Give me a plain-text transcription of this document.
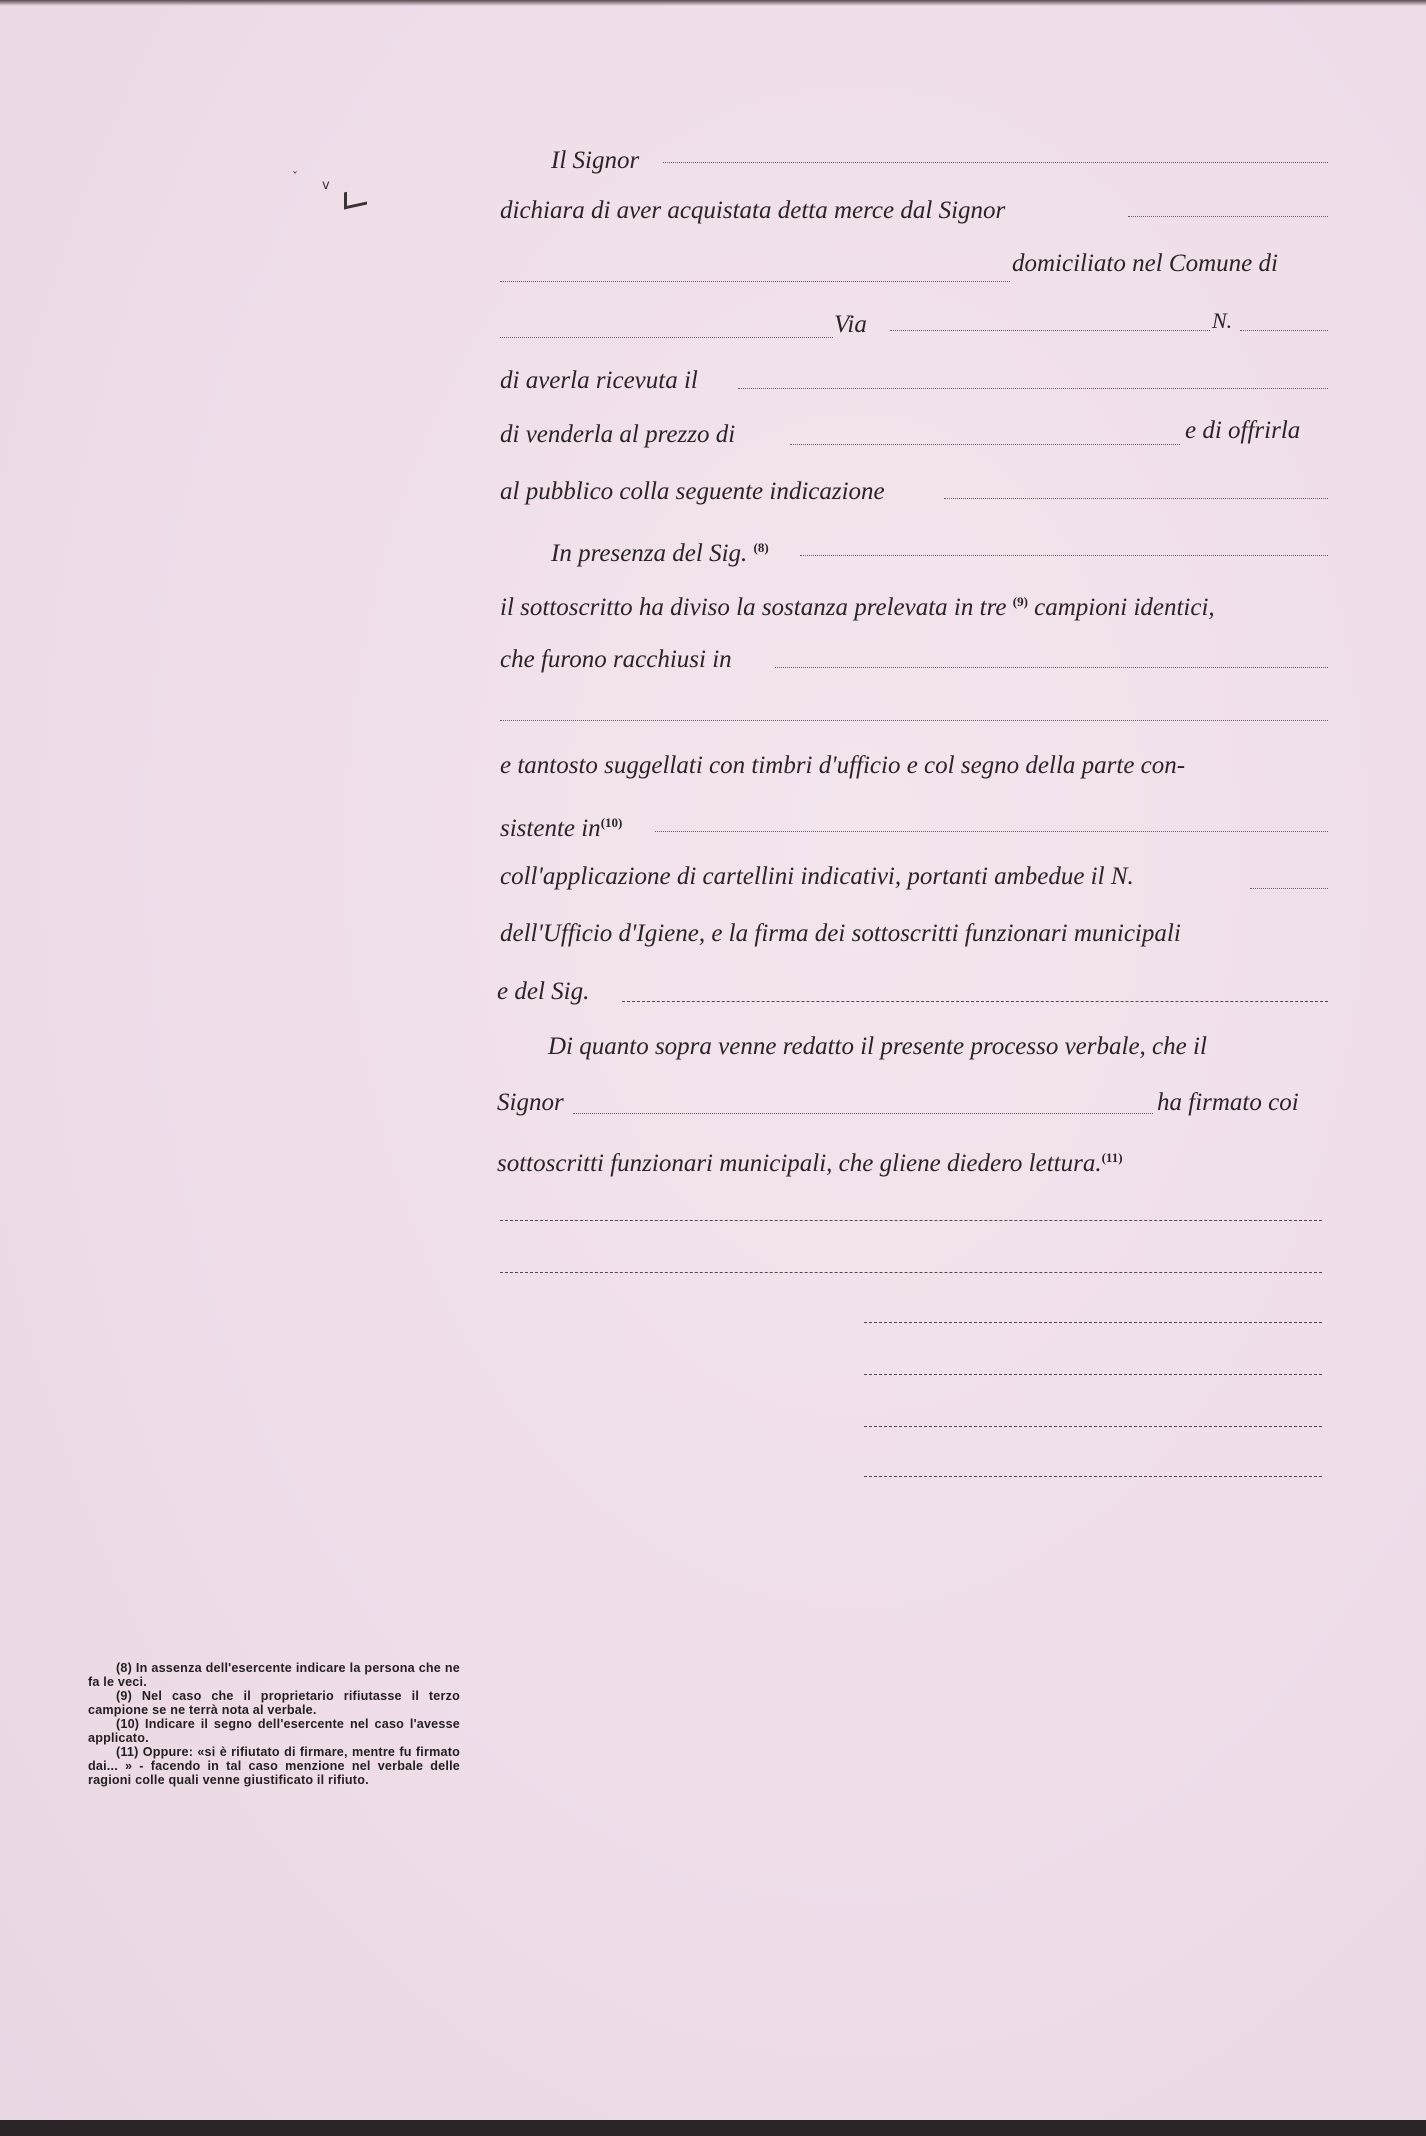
ˇ
v
Il Signor
dichiara di aver acquistata detta merce dal Signor
domiciliato nel Comune di
Via	N.
di averla ricevuta il
di venderla al prezzo di	e di offrirla
al pubblico colla seguente indicazione
In presenza del Sig. $^{(8)}$
il sottoscritto ha diviso la sostanza prelevata in tre $^{(9)}$ campioni identici,
che furono racchiusi in
e tantosto suggellati con timbri d'ufficio e col segno della parte con-
sistente $in^{(10)}$
coll'applicazione di cartellini indicativi, portanti ambedue il N.
dell'Ufficio d'Igiene, e la firma dei sottoscritti funzionari municipali
e del Sig.
Di quanto sopra venne redatto il presente processo verbale, che il
Signor	ha firmato coi
sottoscritti funzionari municipali, che gliene diedero lettura.$^{(11)}$

(8) In assenza dell'esercente indicare la persona che ne fa le veci.

(9) Nel caso che il proprietario rifiutasse il terzo campione se ne terrà nota al verbale.

(10) Indicare il segno dell'esercente nel caso l'avesse applicato.

(11) Oppure: «si è rifiutato di firmare, mentre fu firmato dai... » - facendo in tal caso menzione nel verbale delle ragioni colle quali venne giustificato il rifiuto.
